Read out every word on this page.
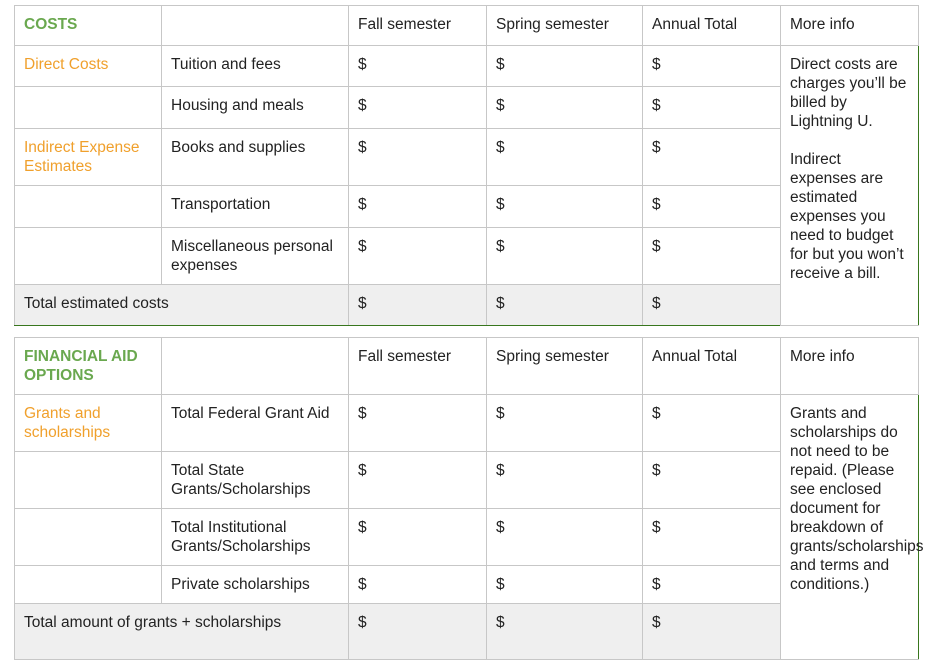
COSTS		Fall semester	Spring semester	Annual Total	More info
Direct Costs	Tuition and fees	$	$	$	Direct costs are charges you’ll be billed by Lightning U.
Indirect expenses are estimated expenses you need to budget for but you won’t receive a bill.

	Housing and meals	$	$	$	
Indirect Expense Estimates	Books and supplies	$	$	$	
	Transportation	$	$	$	
	Miscellaneous personal expenses	$	$	$	
Total estimated costs		$	$	$	
FINANCIAL AID OPTIONS		Fall semester	Spring semester	Annual Total	More info
Grants and scholarships	Total Federal Grant Aid	$	$	$	Grants and scholarships do not need to be repaid. (Please see enclosed document for breakdown of grants/scholarships and terms and conditions.)
	Total State Grants/Scholarships	$	$	$	
	Total Institutional Grants/Scholarships	$	$	$	
	Private scholarships	$	$	$	
Total amount of grants + scholarships		$	$	$	
